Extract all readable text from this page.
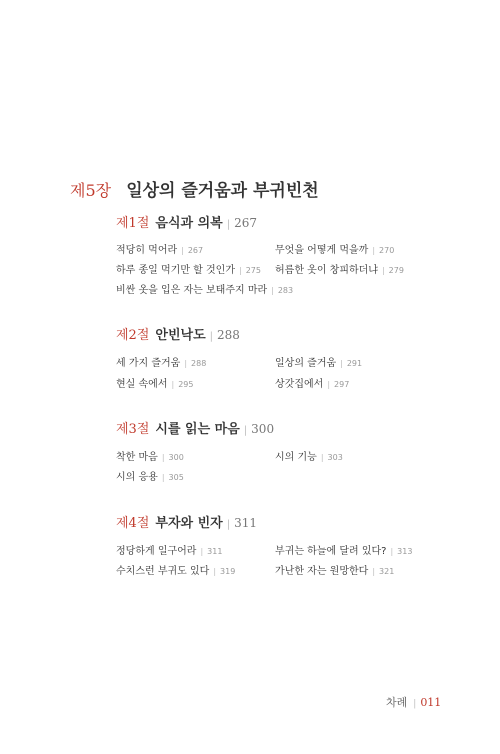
제5장 일상의 즐거움과 부귀빈천
제1절 음식과 의복 | 267
적당히 먹어라 | 267	무엇을 어떻게 먹을까 | 270
하루 종일 먹기만 할 것인가 | 275 허름한 옷이 창피하더냐 | 279
비싼 옷을 입은 자는 보태주지 마라 | 283
제2절 안빈낙도 | 288
세 가지 즐거움 | 288	일상의 즐거움 | 291
현실 속에서 | 295	상갓집에서 | 297
제3절 시를 읽는 마음 | 300
착한 마음 | 300	시의 기능 | 303
시의 응용 | 305
제4절 부자와 빈자 | 311
정당하게 일구어라 | 311	부귀는 하늘에 달려 있다? | 313
수치스런 부귀도 있다 | 319	가난한 자는 원망한다 | 321
차례 | 011
